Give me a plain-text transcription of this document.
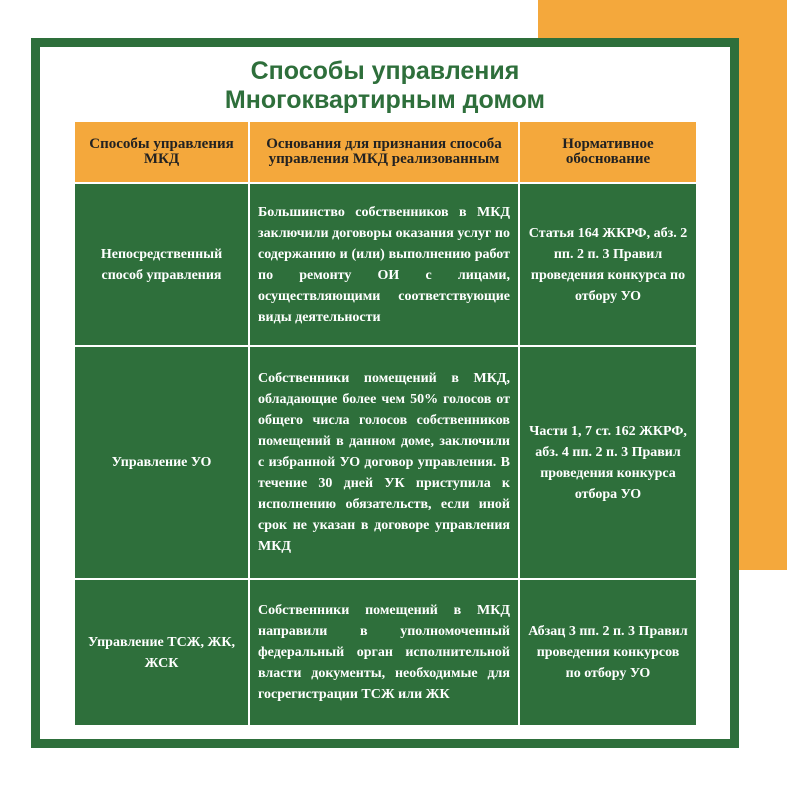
Способы управления
Многоквартирным домом
Способы управления МКД	Основания для признания способа управления МКД реализованным	Нормативное обоснование
Непосредственный способ управления	Большинство собственников в МКД заключили договоры оказания услуг по содержанию и (или) выполнению работ по ремонту ОИ с лицами, осуществляющими соответствующие виды деятельности	Статья 164 ЖКРФ, абз. 2 пп. 2 п. 3 Правил проведения конкурса по отбору УО
Управление УО	Собственники помещений в МКД, обладающие более чем 50% голосов от общего числа голосов собственников помещений в данном доме, заключили с избранной УО договор управления. В течение 30 дней УК приступила к исполнению обязательств, если иной срок не указан в договоре управления МКД	Части 1, 7 ст. 162 ЖКРФ, абз. 4 пп. 2 п. 3 Правил проведения конкурса отбора УО
Управление ТСЖ, ЖК, ЖСК	Собственники помещений в МКД направили в уполномоченный федеральный орган исполнительной власти документы, необходимые для госрегистрации ТСЖ или ЖК	Абзац 3 пп. 2 п. 3 Правил проведения конкурсов по отбору УО
